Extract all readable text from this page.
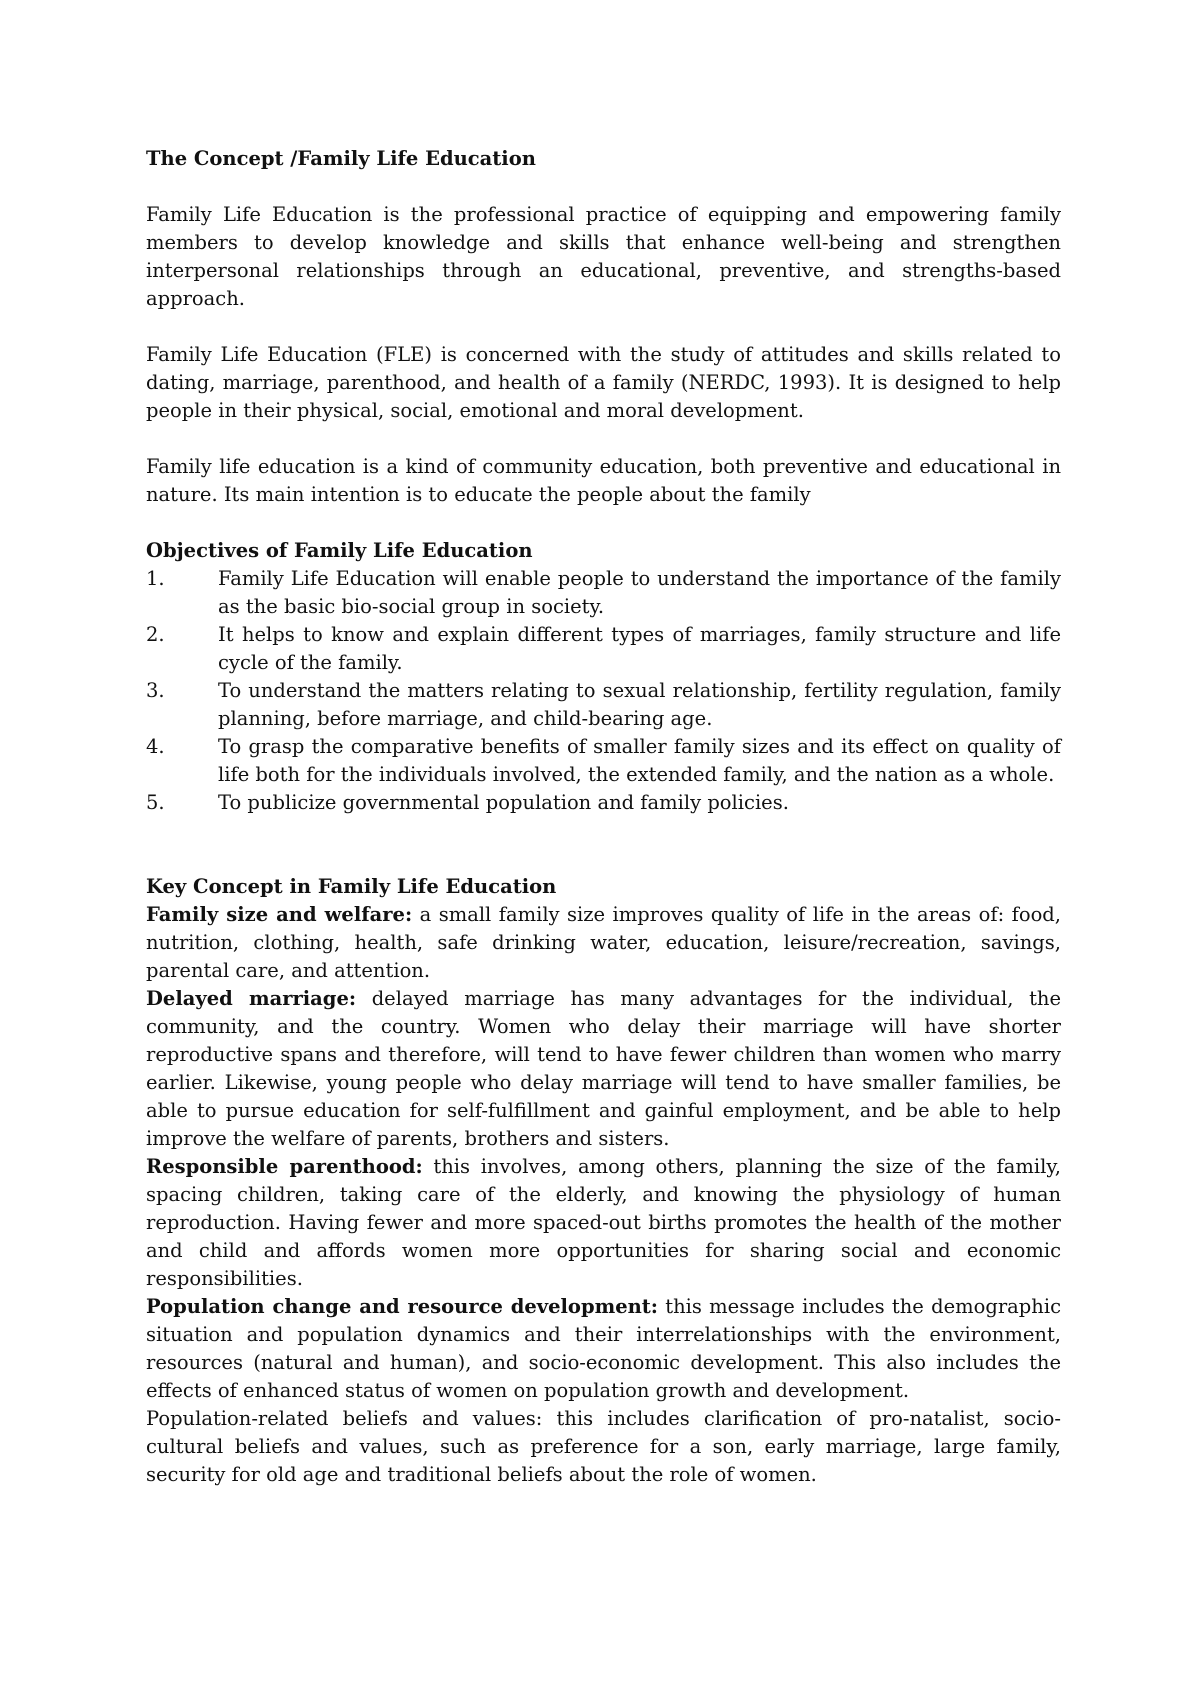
The Concept /Family Life Education

Family Life Education is the professional practice of equipping and empowering family members to develop knowledge and skills that enhance well-being and strengthen interpersonal relationships through an educational, preventive, and strengths-based approach.

Family Life Education (FLE) is concerned with the study of attitudes and skills related to dating, marriage, parenthood, and health of a family (NERDC, 1993). It is designed to help people in their physical, social, emotional and moral development.

Family life education is a kind of community education, both preventive and educational in nature. Its main intention is to educate the people about the family

Objectives of Family Life Education

1.	Family Life Education will enable people to understand the importance of the family as the basic bio-social group in society.
2.	It helps to know and explain different types of marriages, family structure and life cycle of the family.
3.	To understand the matters relating to sexual relationship, fertility regulation, family planning, before marriage, and child-bearing age.
4.	To grasp the comparative benefits of smaller family sizes and its effect on quality of life both for the individuals involved, the extended family, and the nation as a whole.
5.	To publicize governmental population and family policies.

Key Concept in Family Life Education

Family size and welfare: a small family size improves quality of life in the areas of: food, nutrition, clothing, health, safe drinking water, education, leisure/recreation, savings, parental care, and attention.

Delayed marriage: delayed marriage has many advantages for the individual, the community, and the country. Women who delay their marriage will have shorter reproductive spans and therefore, will tend to have fewer children than women who marry earlier. Likewise, young people who delay marriage will tend to have smaller families, be able to pursue education for self-fulfillment and gainful employment, and be able to help improve the welfare of parents, brothers and sisters.

Responsible parenthood: this involves, among others, planning the size of the family, spacing children, taking care of the elderly, and knowing the physiology of human reproduction. Having fewer and more spaced-out births promotes the health of the mother and child and affords women more opportunities for sharing social and economic responsibilities.

Population change and resource development: this message includes the demographic situation and population dynamics and their interrelationships with the environment, resources (natural and human), and socio-economic development. This also includes the effects of enhanced status of women on population growth and development.

Population-related beliefs and values: this includes clarification of pro-natalist, socio-cultural beliefs and values, such as preference for a son, early marriage, large family, security for old age and traditional beliefs about the role of women.
